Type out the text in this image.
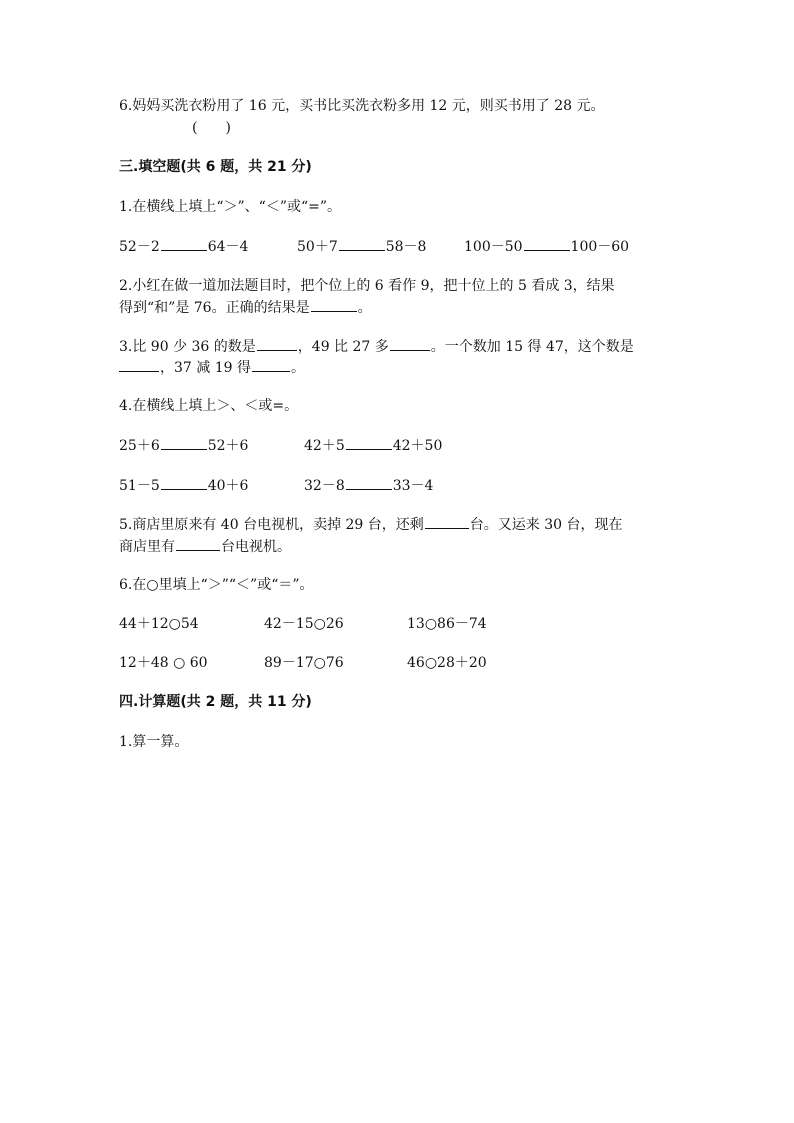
6.妈妈买洗衣粉用了 16 元，买书比买洗衣粉多用 12 元，则买书用了 28 元。
(　　)
三.填空题(共 6 题，共 21 分)
1.在横线上填上“＞”、“＜”或“=”。
52－2	64－4	50＋7	58－8	100－50	100－60
2.小红在做一道加法题目时，把个位上的 6 看作 9，把十位上的 5 看成 3，结果
得到“和”是 76。正确的结果是	。
3.比 90 少 36 的数是	，49 比 27 多	。一个数加 15 得 47，这个数是
，37 减 19 得	。
4.在横线上填上＞、＜或=。
25＋6	52＋6	42＋5	42＋50
51－5	40＋6	32－8	33－4
5.商店里原来有 40 台电视机，卖掉 29 台，还剩	台。又运来 30 台，现在
商店里有	台电视机。
6.在○里填上“＞”“＜”或“＝”。
44＋12○54	42－15○26	13○86－74
12＋48 ○ 60	89－17○76	46○28＋20
四.计算题(共 2 题，共 11 分)
1.算一算。
